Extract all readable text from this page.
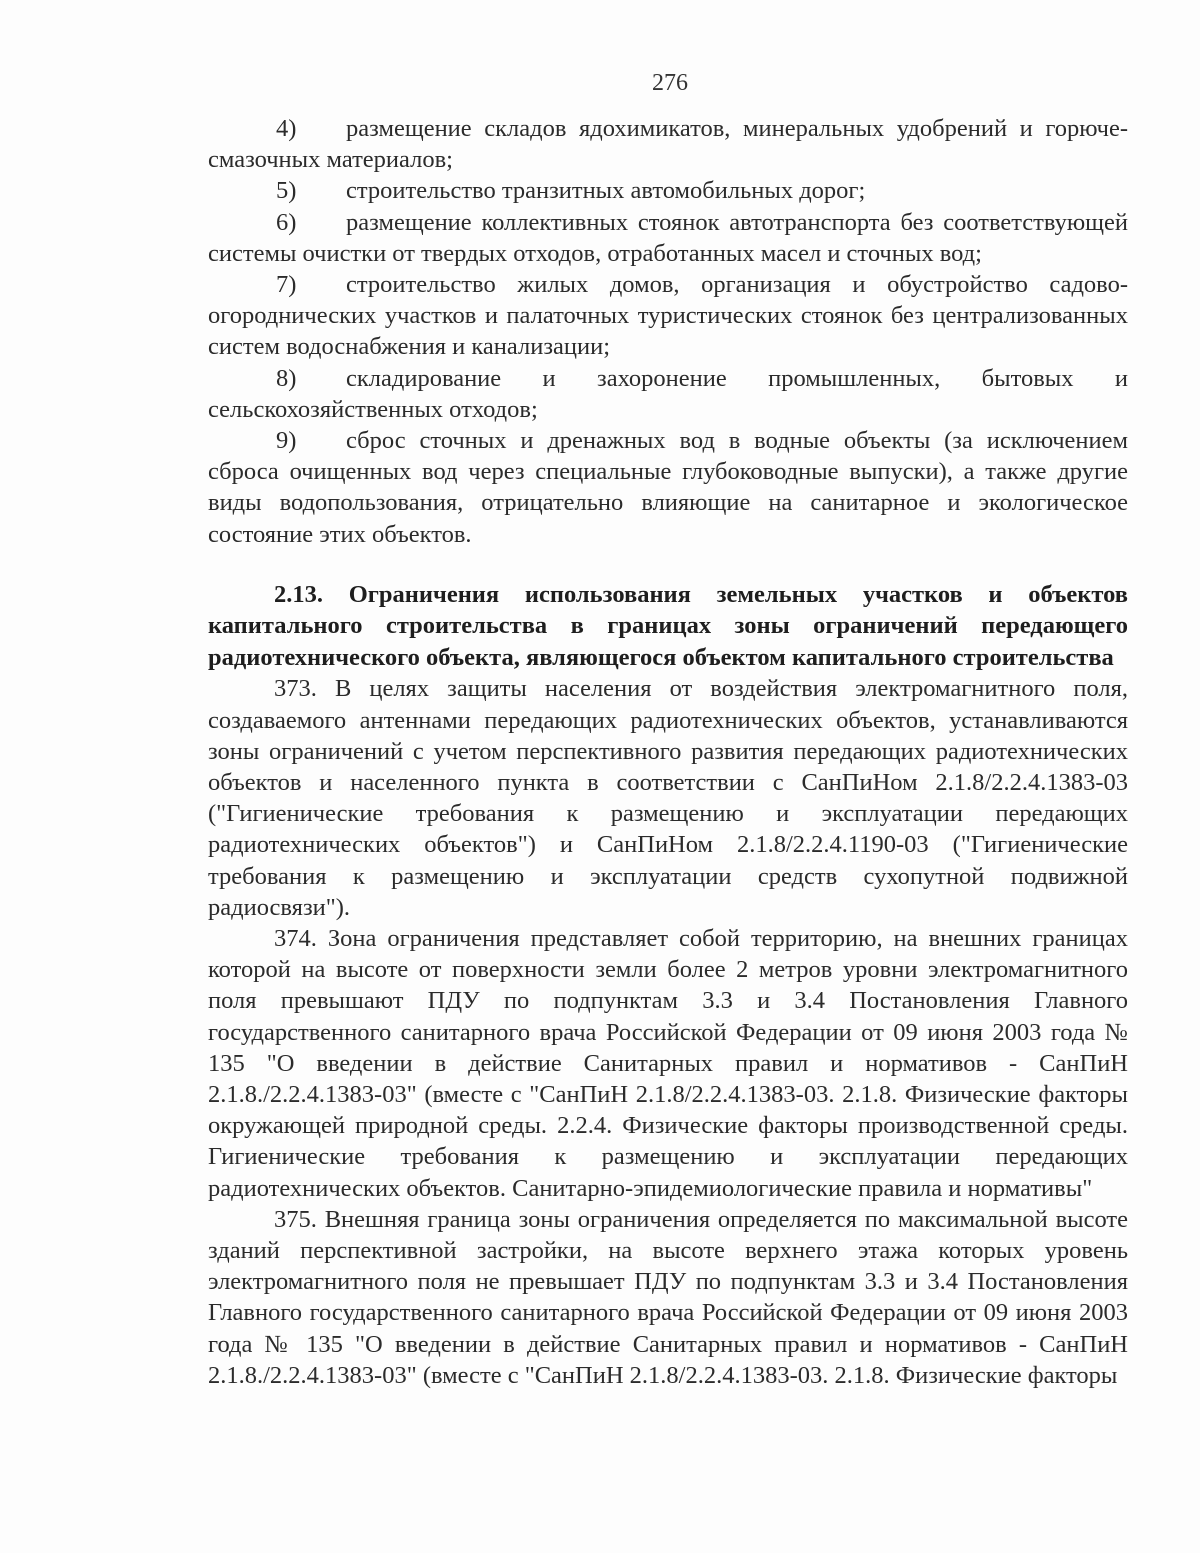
276

4) размещение складов ядохимикатов, минеральных удобрений и горюче-смазочных материалов;

5) строительство транзитных автомобильных дорог;

6) размещение коллективных стоянок автотранспорта без соответствующей системы очистки от твердых отходов, отработанных масел и сточных вод;

7) строительство жилых домов, организация и обустройство садово-огороднических участков и палаточных туристических стоянок без централизованных систем водоснабжения и канализации;

8) складирование и захоронение промышленных, бытовых и сельскохозяйственных отходов;

9) сброс сточных и дренажных вод в водные объекты (за исключением сброса очищенных вод через специальные глубоководные выпуски), а также другие виды водопользования, отрицательно влияющие на санитарное и экологическое состояние этих объектов.

2.13. Ограничения использования земельных участков и объектов капитального строительства в границах зоны ограничений передающего радиотехнического объекта, являющегося объектом капитального строительства

373. В целях защиты населения от воздействия электромагнитного поля, создаваемого антеннами передающих радиотехнических объектов, устанавливаются зоны ограничений с учетом перспективного развития передающих радиотехнических объектов и населенного пункта в соответствии с СанПиНом 2.1.8/2.2.4.1383-03 ("Гигиенические требования к размещению и эксплуатации передающих радиотехнических объектов") и СанПиНом 2.1.8/2.2.4.1190-03 ("Гигиенические требования к размещению и эксплуатации средств сухопутной подвижной радиосвязи").

374. Зона ограничения представляет собой территорию, на внешних границах которой на высоте от поверхности земли более 2 метров уровни электромагнитного поля превышают ПДУ по подпунктам 3.3 и 3.4 Постановления Главного государственного санитарного врача Российской Федерации от 09 июня 2003 года № 135 "О введении в действие Санитарных правил и нормативов - СанПиН 2.1.8./2.2.4.1383-03" (вместе с "СанПиН 2.1.8/2.2.4.1383-03. 2.1.8. Физические факторы окружающей природной среды. 2.2.4. Физические факторы производственной среды. Гигиенические требования к размещению и эксплуатации передающих радиотехнических объектов. Санитарно-эпидемиологические правила и нормативы"

375. Внешняя граница зоны ограничения определяется по максимальной высоте зданий перспективной застройки, на высоте верхнего этажа которых уровень электромагнитного поля не превышает ПДУ по подпунктам 3.3 и 3.4 Постановления Главного государственного санитарного врача Российской Федерации от 09 июня 2003 года № 135 "О введении в действие Санитарных правил и нормативов - СанПиН 2.1.8./2.2.4.1383-03" (вместе с "СанПиН 2.1.8/2.2.4.1383-03. 2.1.8. Физические факторы
